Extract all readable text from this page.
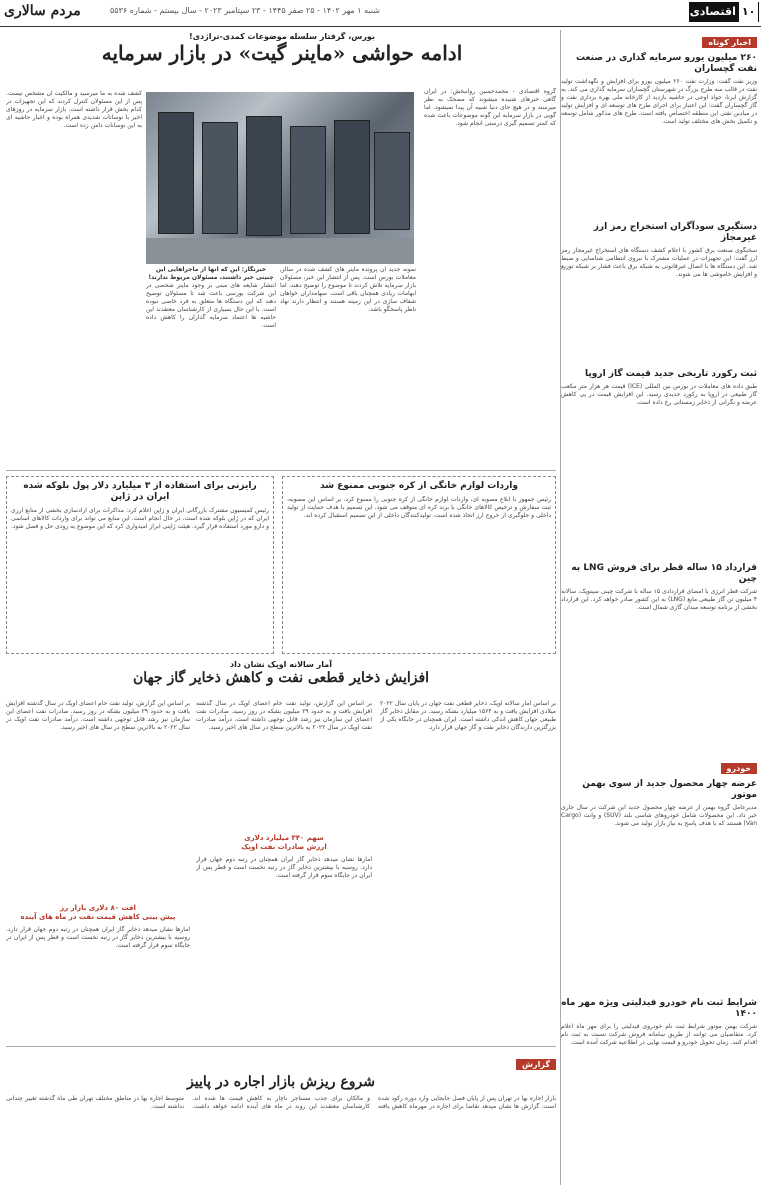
۱۰اقتصادی
شنبه ۱ مهر ۱۴۰۲ - ۲۵ صفر ۱۴۴۵ - ۲۳ سپتامبر ۲۰۲۳ - سال بیستم - شماره ۵۵۳۶
مردم سالاری
اخبار کوتاه
۲۶۰ میلیون یورو سرمایه گذاری در صنعت نفت گچساران
وزیر نفت گفت: وزارت نفت ۲۶۰ میلیون یورو برای افزایش و نگهداشت تولید نفت در قالب سه طرح بزرگ در شهرستان گچساران سرمایه گذاری می کند. به گزارش ایرنا، جواد اوجی در حاشیه بازدید از کارخانه ملی بهره برداری نفت و گاز گچساران گفت: این اعتبار برای اجرای طرح های توسعه ای و افزایش تولید در میادین نفتی این منطقه اختصاص یافته است. طرح های مذکور شامل توسعه و تکمیل بخش های مختلف تولید است.
دستگیری سودآگران استخراج رمز ارز غیرمجاز
سخنگوی صنعت برق کشور با اعلام کشف دستگاه های استخراج غیرمجاز رمز ارز گفت: این تجهیزات در عملیات مشترک با نیروی انتظامی شناسایی و ضبط شد. این دستگاه ها با اتصال غیرقانونی به شبکه برق باعث فشار بر شبکه توزیع و افزایش خاموشی ها می شوند.
ثبت رکورد تاریخی جدید قیمت گاز اروپا
طبق داده های معاملات در بورس بین المللی (ICE) قیمت هر هزار متر مکعب گاز طبیعی در اروپا به رکورد جدیدی رسید. این افزایش قیمت در پی کاهش عرضه و نگرانی از ذخایر زمستانی رخ داده است.
قرارداد ۱۵ ساله قطر برای فروش LNG به چین
شرکت قطر انرژی با امضای قراردادی ۱۵ ساله با شرکت چینی سینوپک، سالانه ۴ میلیون تن گاز طبیعی مایع (LNG) به این کشور صادر خواهد کرد. این قرارداد بخشی از برنامه توسعه میدان گازی شمال است.
خودرو
عرضه چهار محصول جدید از سوی بهمن موتور
مدیرعامل گروه بهمن از عرضه چهار محصول جدید این شرکت در سال جاری خبر داد. این محصولات شامل خودروهای شاسی بلند (SUV) و وانت (Cargo Van) هستند که با هدف پاسخ به نیاز بازار تولید می شوند.
شرایط ثبت نام خودرو فیدلیتی ویژه مهر ماه ۱۴۰۰
شرکت بهمن موتور شرایط ثبت نام خودروی فیدلیتی را برای مهر ماه اعلام کرد. متقاضیان می توانند از طریق سامانه فروش شرکت نسبت به ثبت نام اقدام کنند. زمان تحویل خودرو و قیمت نهایی در اطلاعیه شرکت آمده است.
بورس، گرفتار سلسله موضوعات کمدی-تراژدی!
ادامه حواشی «ماینر گیت» در بازار سرمایه
گروه اقتصادی - محمدحسین روانبخش: در ایران گاهی خبرهای شنیده میشوند که مضحک به نظر میرسند و در هیچ جای دنیا شبیه آن پیدا نمیشود. اما گویی در بازار سرمایه این گونه موضوعات باعث شده که کمتر تصمیم گیری درستی انجام شود.
کشف شده به ما میرسید و مالکیت آن مشخص نیست. پس از این مسئولان کنترل کردند که این تجهیزات در کدام بخش قرار داشته است. بازار سرمایه در روزهای اخیر با نوسانات شدیدی همراه بوده و اخبار حاشیه ای به این نوسانات دامن زده است.
خبرنگار: این که آنها از ماجراهایی این چنینی خبر داشتند، مسئولان مربوط ندارند!
انتشار شایعه های مبنی بر وجود ماینر شخصی در این شرکت بورسی باعث شد تا مسئولان توضیح دهند که این دستگاه ها متعلق به فرد خاصی نبوده است. با این حال بسیاری از کارشناسان معتقدند این حاشیه ها اعتماد سرمایه گذاران را کاهش داده است.
نمونه جدید آن پرونده ماینر های کشف شده در سالن معاملات بورس است. پس از انتشار این خبر، مسئولان بازار سرمایه تلاش کردند تا موضوع را توضیح دهند، اما ابهامات زیادی همچنان باقی است. سهامداران خواهان شفاف سازی در این زمینه هستند و انتظار دارند نهاد ناظر پاسخگو باشد.
رایزنی برای استفاده از ۳ میلیارد دلار پول بلوکه شده ایران در ژاپن
رئیس کمیسیون مشترک بازرگانی ایران و ژاپن اعلام کرد: مذاکرات برای آزادسازی بخشی از منابع ارزی ایران که در ژاپن بلوکه شده است، در حال انجام است. این منابع می تواند برای واردات کالاهای اساسی و دارو مورد استفاده قرار گیرد. هیئت ژاپنی ابراز امیدواری کرد که این موضوع به زودی حل و فصل شود.
واردات لوازم خانگی از کره جنوبی ممنوع شد
رئیس جمهور با ابلاغ مصوبه ای، واردات لوازم خانگی از کره جنوبی را ممنوع کرد. بر اساس این مصوبه، ثبت سفارش و ترخیص کالاهای خانگی با برند کره ای متوقف می شود. این تصمیم با هدف حمایت از تولید داخلی و جلوگیری از خروج ارز اتخاذ شده است. تولیدکنندگان داخلی از این تصمیم استقبال کرده اند.
آمار سالانه اوپک نشان داد
افزایش ذخایر قطعی نفت و کاهش ذخایر گاز جهان
بر اساس آمار سالانه اوپک، ذخایر قطعی نفت جهان در پایان سال ۲۰۲۲ میلادی افزایش یافت و به ۱۵۶۴ میلیارد بشکه رسید. در مقابل ذخایر گاز طبیعی جهان کاهش اندکی داشته است. ایران همچنان در جایگاه یکی از بزرگترین دارندگان ذخایر نفت و گاز جهان قرار دارد.
بر اساس این گزارش، تولید نفت خام اعضای اوپک در سال گذشته افزایش یافت و به حدود ۲۹ میلیون بشکه در روز رسید. صادرات نفت اعضای این سازمان نیز رشد قابل توجهی داشته است. درآمد صادرات نفت اوپک در سال ۲۰۲۲ به بالاترین سطح در سال های اخیر رسید.
سهم ۳۴۰ میلیارد دلاری
ارزش صادرات نفت اوپک
آمارها نشان میدهد ذخایر گاز ایران همچنان در رتبه دوم جهان قرار دارد. روسیه با بیشترین ذخایر گاز در رتبه نخست است و قطر پس از ایران در جایگاه سوم قرار گرفته است.
بر اساس این گزارش، تولید نفت خام اعضای اوپک در سال گذشته افزایش یافت و به حدود ۲۹ میلیون بشکه در روز رسید. صادرات نفت اعضای این سازمان نیز رشد قابل توجهی داشته است. درآمد صادرات نفت اوپک در سال ۲۰۲۲ به بالاترین سطح در سال های اخیر رسید.
افت ۸۰ دلاری بازار رز
پیش بینی کاهش قیمت نفت در ماه های آینده
آمارها نشان میدهد ذخایر گاز ایران همچنان در رتبه دوم جهان قرار دارد. روسیه با بیشترین ذخایر گاز در رتبه نخست است و قطر پس از ایران در جایگاه سوم قرار گرفته است.
گزارش
شروع ریزش بازار اجاره در پاییز
بازار اجاره بها در تهران پس از پایان فصل جابجایی وارد دوره رکود شده است. گزارش ها نشان میدهد تقاضا برای اجاره در مهرماه کاهش یافته و مالکان برای جذب مستاجر ناچار به کاهش قیمت ها شده اند. کارشناسان معتقدند این روند در ماه های آینده ادامه خواهد داشت. متوسط اجاره بها در مناطق مختلف تهران طی ماه گذشته تغییر چندانی نداشته است.
